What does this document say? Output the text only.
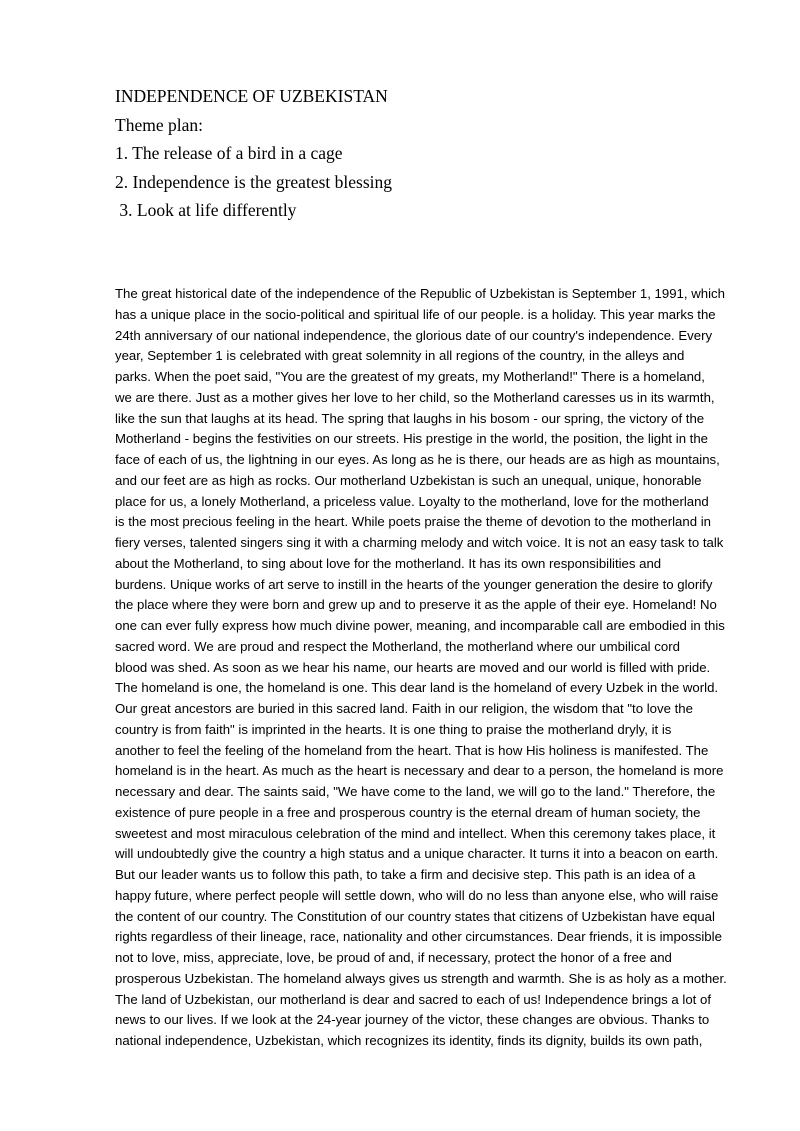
INDEPENDENCE OF UZBEKISTAN
Theme plan:
1. The release of a bird in a cage
2. Independence is the greatest blessing
3. Look at life differently
The great historical date of the independence of the Republic of Uzbekistan is September 1, 1991, which
has a unique place in the socio-political and spiritual life of our people. is a holiday. This year marks the
24th anniversary of our national independence, the glorious date of our country's independence. Every
year, September 1 is celebrated with great solemnity in all regions of the country, in the alleys and
parks. When the poet said, "You are the greatest of my greats, my Motherland!" There is a homeland,
we are there. Just as a mother gives her love to her child, so the Motherland caresses us in its warmth,
like the sun that laughs at its head. The spring that laughs in his bosom - our spring, the victory of the
Motherland - begins the festivities on our streets. His prestige in the world, the position, the light in the
face of each of us, the lightning in our eyes. As long as he is there, our heads are as high as mountains,
and our feet are as high as rocks. Our motherland Uzbekistan is such an unequal, unique, honorable
place for us, a lonely Motherland, a priceless value. Loyalty to the motherland, love for the motherland
is the most precious feeling in the heart. While poets praise the theme of devotion to the motherland in
fiery verses, talented singers sing it with a charming melody and witch voice. It is not an easy task to talk
about the Motherland, to sing about love for the motherland. It has its own responsibilities and
burdens. Unique works of art serve to instill in the hearts of the younger generation the desire to glorify
the place where they were born and grew up and to preserve it as the apple of their eye. Homeland! No
one can ever fully express how much divine power, meaning, and incomparable call are embodied in this
sacred word. We are proud and respect the Motherland, the motherland where our umbilical cord
blood was shed. As soon as we hear his name, our hearts are moved and our world is filled with pride.
The homeland is one, the homeland is one. This dear land is the homeland of every Uzbek in the world.
Our great ancestors are buried in this sacred land. Faith in our religion, the wisdom that "to love the
country is from faith" is imprinted in the hearts. It is one thing to praise the motherland dryly, it is
another to feel the feeling of the homeland from the heart. That is how His holiness is manifested. The
homeland is in the heart. As much as the heart is necessary and dear to a person, the homeland is more
necessary and dear. The saints said, "We have come to the land, we will go to the land." Therefore, the
existence of pure people in a free and prosperous country is the eternal dream of human society, the
sweetest and most miraculous celebration of the mind and intellect. When this ceremony takes place, it
will undoubtedly give the country a high status and a unique character. It turns it into a beacon on earth.
But our leader wants us to follow this path, to take a firm and decisive step. This path is an idea of a
happy future, where perfect people will settle down, who will do no less than anyone else, who will raise
the content of our country. The Constitution of our country states that citizens of Uzbekistan have equal
rights regardless of their lineage, race, nationality and other circumstances. Dear friends, it is impossible
not to love, miss, appreciate, love, be proud of and, if necessary, protect the honor of a free and
prosperous Uzbekistan. The homeland always gives us strength and warmth. She is as holy as a mother.
The land of Uzbekistan, our motherland is dear and sacred to each of us! Independence brings a lot of
news to our lives. If we look at the 24-year journey of the victor, these changes are obvious. Thanks to
national independence, Uzbekistan, which recognizes its identity, finds its dignity, builds its own path,
